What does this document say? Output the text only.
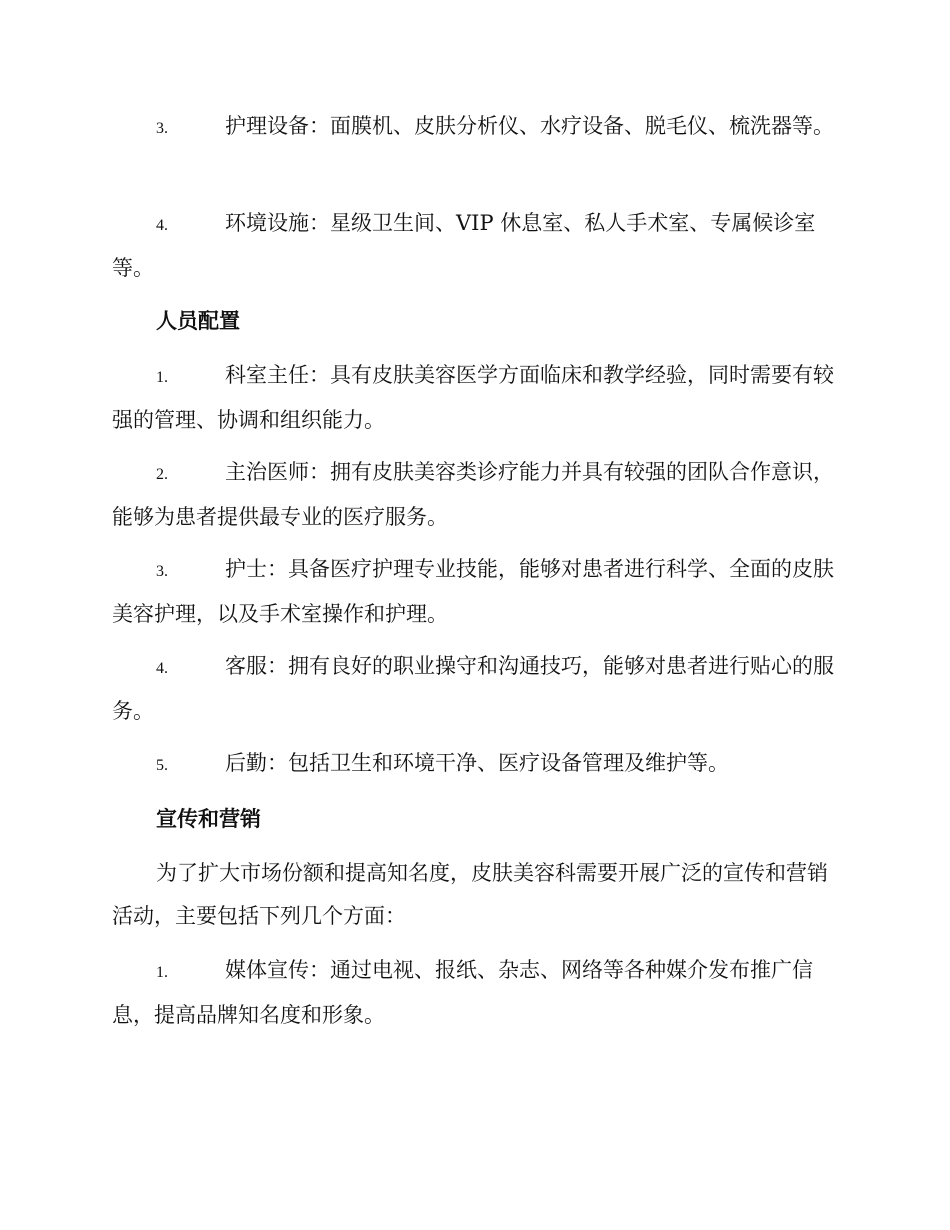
3.	护理设备：面膜机、皮肤分析仪、水疗设备、脱毛仪、梳洗器等。
4.	环境设施：星级卫生间、VIP 休息室、私人手术室、专属候诊室等。
人员配置
1.	科室主任：具有皮肤美容医学方面临床和教学经验，同时需要有较强的管理、协调和组织能力。
2.	主治医师：拥有皮肤美容类诊疗能力并具有较强的团队合作意识，能够为患者提供最专业的医疗服务。
3.	护士：具备医疗护理专业技能，能够对患者进行科学、全面的皮肤美容护理，以及手术室操作和护理。
4.	客服：拥有良好的职业操守和沟通技巧，能够对患者进行贴心的服务。
5.	后勤：包括卫生和环境干净、医疗设备管理及维护等。
宣传和营销
为了扩大市场份额和提高知名度，皮肤美容科需要开展广泛的宣传和营销活动，主要包括下列几个方面：
1.	媒体宣传：通过电视、报纸、杂志、网络等各种媒介发布推广信息，提高品牌知名度和形象。
